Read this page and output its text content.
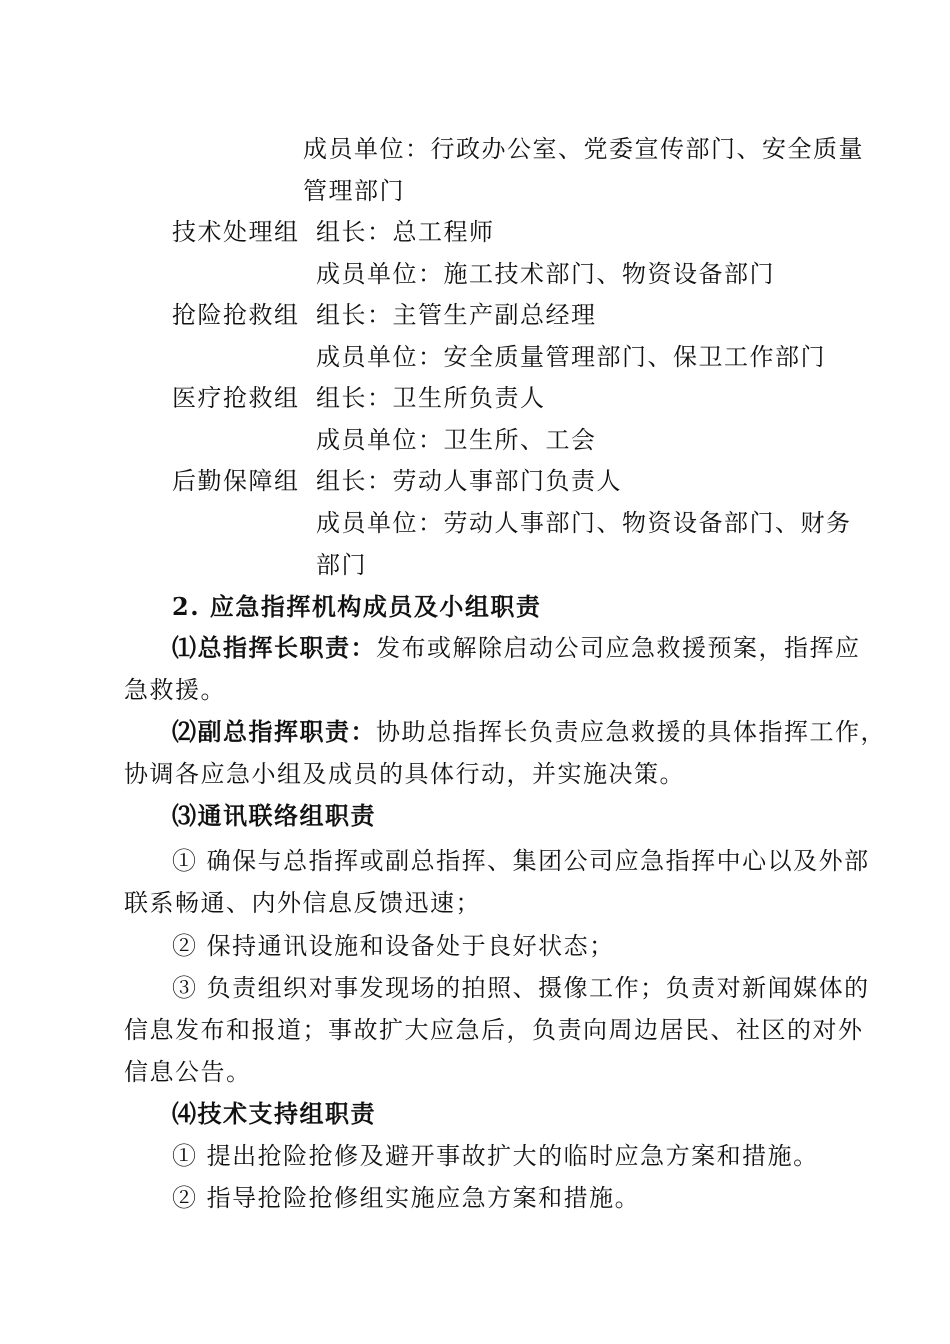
成员单位：行政办公室、党委宣传部门、安全质量
管理部门
技术处理组 组长：总工程师
成员单位：施工技术部门、物资设备部门
抢险抢救组 组长：主管生产副总经理
成员单位：安全质量管理部门、保卫工作部门
医疗抢救组 组长：卫生所负责人
成员单位：卫生所、工会
后勤保障组 组长：劳动人事部门负责人
成员单位：劳动人事部门、物资设备部门、财务
部门
2. 应急指挥机构成员及小组职责
⑴总指挥长职责：发布或解除启动公司应急救援预案，指挥应
急救援。
⑵副总指挥职责：协助总指挥长负责应急救援的具体指挥工作，
协调各应急小组及成员的具体行动，并实施决策。
⑶通讯联络组职责
① 确保与总指挥或副总指挥、集团公司应急指挥中心以及外部
联系畅通、内外信息反馈迅速；
② 保持通讯设施和设备处于良好状态；
③ 负责组织对事发现场的拍照、摄像工作；负责对新闻媒体的
信息发布和报道；事故扩大应急后，负责向周边居民、社区的对外
信息公告。
⑷技术支持组职责
① 提出抢险抢修及避开事故扩大的临时应急方案和措施。
② 指导抢险抢修组实施应急方案和措施。
